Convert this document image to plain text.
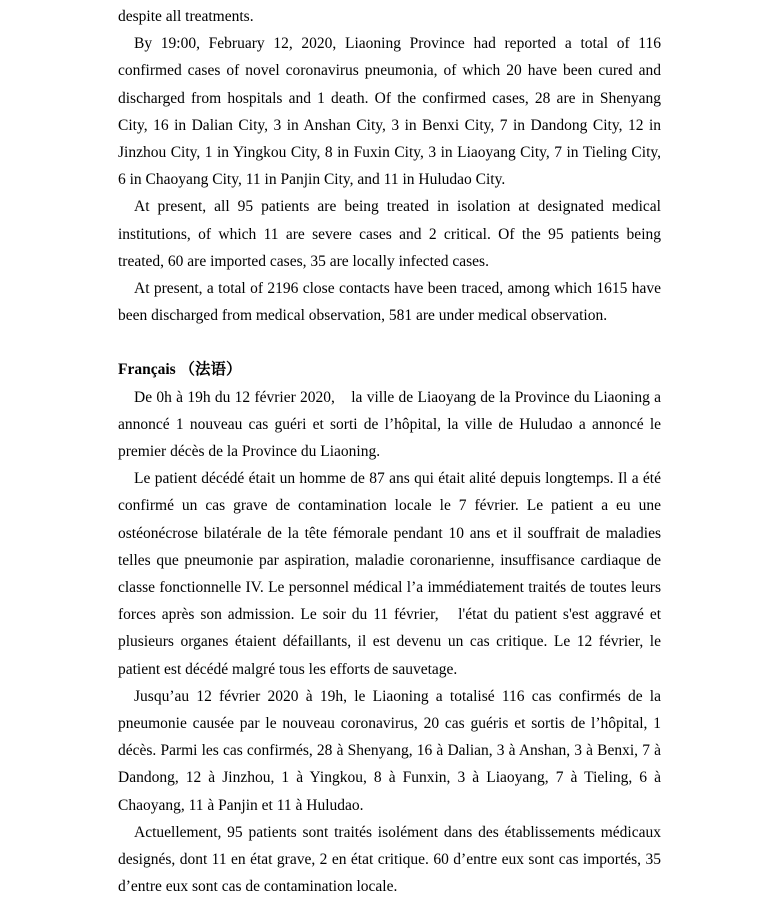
despite all treatments.

By 19:00, February 12, 2020, Liaoning Province had reported a total of 116 confirmed cases of novel coronavirus pneumonia, of which 20 have been cured and discharged from hospitals and 1 death. Of the confirmed cases, 28 are in Shenyang City, 16 in Dalian City, 3 in Anshan City, 3 in Benxi City, 7 in Dandong City, 12 in Jinzhou City, 1 in Yingkou City, 8 in Fuxin City, 3 in Liaoyang City, 7 in Tieling City, 6 in Chaoyang City, 11 in Panjin City, and 11 in Huludao City.

At present, all 95 patients are being treated in isolation at designated medical institutions, of which 11 are severe cases and 2 critical. Of the 95 patients being treated, 60 are imported cases, 35 are locally infected cases.

At present, a total of 2196 close contacts have been traced, among which 1615 have been discharged from medical observation, 581 are under medical observation.

Français （法语）

De 0h à 19h du 12 février 2020,　la ville de Liaoyang de la Province du Liaoning a annoncé 1 nouveau cas guéri et sorti de l’hôpital, la ville de Huludao a annoncé le premier décès de la Province du Liaoning.

Le patient décédé était un homme de 87 ans qui était alité depuis longtemps. Il a été confirmé un cas grave de contamination locale le 7 février. Le patient a eu une ostéonécrose bilatérale de la tête fémorale pendant 10 ans et il souffrait de maladies telles que pneumonie par aspiration, maladie coronarienne, insuffisance cardiaque de classe fonctionnelle IV. Le personnel médical l’a immédiatement traités de toutes leurs forces après son admission. Le soir du 11 février,　l'état du patient s'est aggravé et plusieurs organes étaient défaillants, il est devenu un cas critique. Le 12 février, le patient est décédé malgré tous les efforts de sauvetage.

Jusqu’au 12 février 2020 à 19h, le Liaoning a totalisé 116 cas confirmés de la pneumonie causée par le nouveau coronavirus, 20 cas guéris et sortis de l’hôpital, 1 décès. Parmi les cas confirmés, 28 à Shenyang, 16 à Dalian, 3 à Anshan, 3 à Benxi, 7 à Dandong, 12 à Jinzhou, 1 à Yingkou, 8 à Funxin, 3 à Liaoyang, 7 à Tieling, 6 à Chaoyang, 11 à Panjin et 11 à Huludao.

Actuellement, 95 patients sont traités isolément dans des établissements médicaux designés, dont 11 en état grave, 2 en état critique. 60 d’entre eux sont cas importés, 35 d’entre eux sont cas de contamination locale.
